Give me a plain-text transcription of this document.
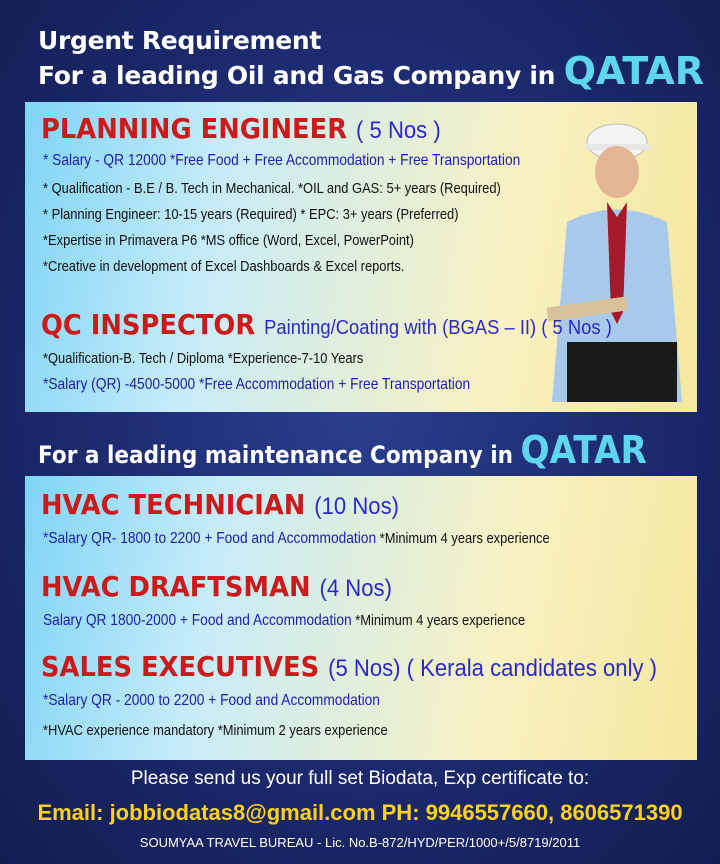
Urgent Requirement
For a leading Oil and Gas Company in QATAR
PLANNING ENGINEER ( 5 Nos )
* Salary - QR 12000 *Free Food + Free Accommodation + Free Transportation
* Qualification - B.E / B. Tech in Mechanical. *OIL and GAS: 5+ years (Required)
* Planning Engineer: 10-15 years (Required) * EPC: 3+ years (Preferred)
*Expertise in Primavera P6 *MS office (Word, Excel, PowerPoint)
*Creative in development of Excel Dashboards & Excel reports.
QC INSPECTOR Painting/Coating with (BGAS – II) ( 5 Nos )
*Qualification-B. Tech / Diploma *Experience-7-10 Years
*Salary (QR) -4500-5000 *Free Accommodation + Free Transportation
For a leading maintenance Company in QATAR
HVAC TECHNICIAN (10 Nos)
*Salary QR- 1800 to 2200 + Food and Accommodation *Minimum 4 years experience
HVAC DRAFTSMAN (4 Nos)
Salary QR 1800-2000 + Food and Accommodation *Minimum 4 years experience
SALES EXECUTIVES (5 Nos) ( Kerala candidates only )
*Salary QR - 2000 to 2200 + Food and Accommodation
*HVAC experience mandatory *Minimum 2 years experience
Please send us your full set Biodata, Exp certificate to:
Email: jobbiodatas8@gmail.com PH: 9946557660, 8606571390
SOUMYAA TRAVEL BUREAU - Lic. No.B-872/HYD/PER/1000+/5/8719/2011
